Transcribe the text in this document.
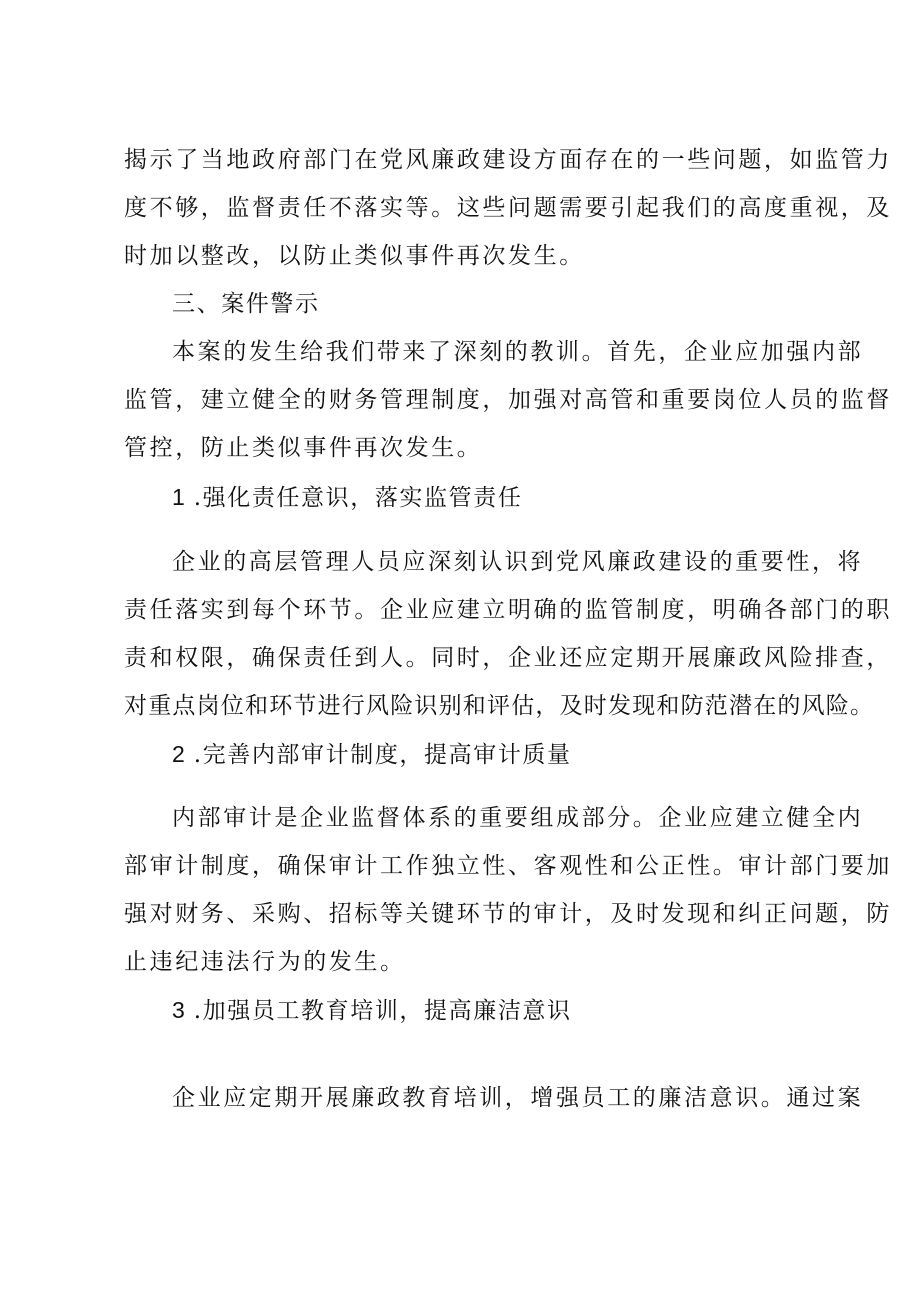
揭示了当地政府部门在党风廉政建设方面存在的一些问题，如监管力
度不够，监督责任不落实等。这些问题需要引起我们的高度重视，及
时加以整改，以防止类似事件再次发生。
三、案件警示
本案的发生给我们带来了深刻的教训。首先，企业应加强内部
监管，建立健全的财务管理制度，加强对高管和重要岗位人员的监督
管控，防止类似事件再次发生。
1 .强化责任意识，落实监管责任
企业的高层管理人员应深刻认识到党风廉政建设的重要性，将
责任落实到每个环节。企业应建立明确的监管制度，明确各部门的职
责和权限，确保责任到人。同时，企业还应定期开展廉政风险排查，
对重点岗位和环节进行风险识别和评估，及时发现和防范潜在的风险。
2 .完善内部审计制度，提高审计质量
内部审计是企业监督体系的重要组成部分。企业应建立健全内
部审计制度，确保审计工作独立性、客观性和公正性。审计部门要加
强对财务、采购、招标等关键环节的审计，及时发现和纠正问题，防
止违纪违法行为的发生。
3 .加强员工教育培训，提高廉洁意识
企业应定期开展廉政教育培训，增强员工的廉洁意识。通过案
